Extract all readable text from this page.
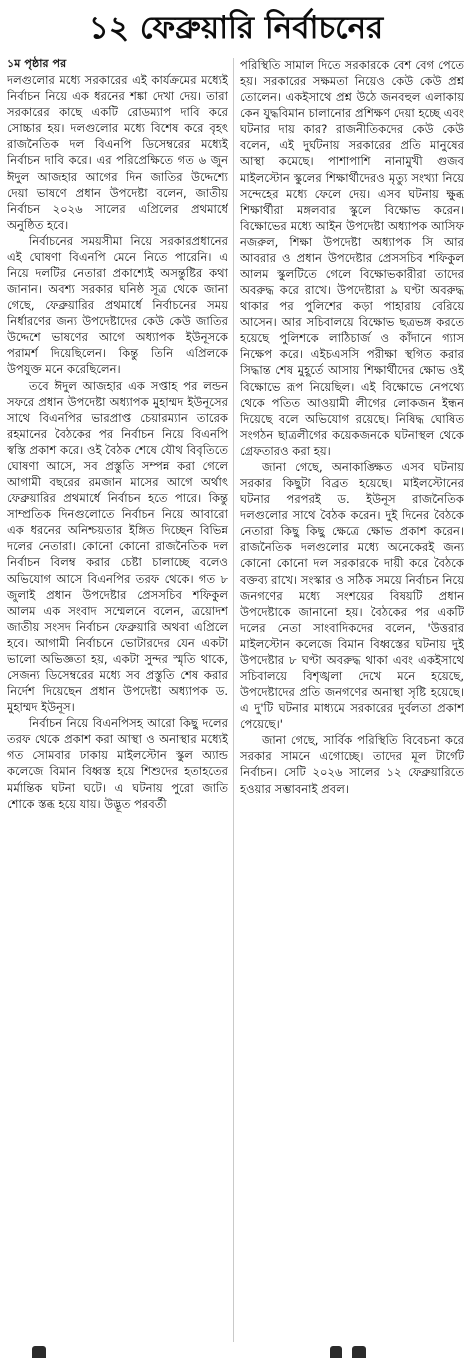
১২ ফেব্রুয়ারি নির্বাচনের

১ম পৃষ্ঠার পর

দলগুলোর মধ্যে সরকারের এই কার্যক্রমের মধ্যেই নির্বাচন নিয়ে এক ধরনের শঙ্কা দেখা দেয়। তারা সরকারের কাছে একটি রোডম্যাপ দাবি করে সোচ্চার হয়। দলগুলোর মধ্যে বিশেষ করে বৃহৎ রাজনৈতিক দল বিএনপি ডিসেম্বরের মধ্যেই নির্বাচন দাবি করে। এর পরিপ্রেক্ষিতে গত ৬ জুন ঈদুল আজহার আগের দিন জাতির উদ্দেশ্যে দেয়া ভাষণে প্রধান উপদেষ্টা বলেন, জাতীয় নির্বাচন ২০২৬ সালের এপ্রিলের প্রথমার্ধে অনুষ্ঠিত হবে।

নির্বাচনের সময়সীমা নিয়ে সরকারপ্রধানের এই ঘোষণা বিএনপি মেনে নিতে পারেনি। এ নিয়ে দলটির নেতারা প্রকাশ্যেই অসন্তুষ্টির কথা জানান। অবশ্য সরকার ঘনিষ্ঠ সূত্র থেকে জানা গেছে, ফেব্রুয়ারির প্রথমার্ধে নির্বাচনের সময় নির্ধারণের জন্য উপদেষ্টাদের কেউ কেউ জাতির উদ্দেশে ভাষণের আগে অধ্যাপক ইউনূসকে পরামর্শ দিয়েছিলেন। কিন্তু তিনি এপ্রিলকে উপযুক্ত মনে করেছিলেন।

তবে ঈদুল আজহার এক সপ্তাহ পর লন্ডন সফরে প্রধান উপদেষ্টা অধ্যাপক মুহাম্মদ ইউনূসের সাথে বিএনপির ভারপ্রাপ্ত চেয়ারম্যান তারেক রহমানের বৈঠকের পর নির্বাচন নিয়ে বিএনপি স্বস্তি প্রকাশ করে। ওই বৈঠক শেষে যৌথ বিবৃতিতে ঘোষণা আসে, সব প্রস্তুতি সম্পন্ন করা গেলে আগামী বছরের রমজান মাসের আগে অর্থাৎ ফেব্রুয়ারির প্রথমার্ধে নির্বাচন হতে পারে। কিন্তু সাম্প্রতিক দিনগুলোতে নির্বাচন নিয়ে আবারো এক ধরনের অনিশ্চয়তার ইঙ্গিত দিচ্ছেন বিভিন্ন দলের নেতারা। কোনো কোনো রাজনৈতিক দল নির্বাচন বিলম্ব করার চেষ্টা চালাচ্ছে বলেও অভিযোগ আসে বিএনপির তরফ থেকে। গত ৮ জুলাই প্রধান উপদেষ্টার প্রেসসচিব শফিকুল আলম এক সংবাদ সম্মেলনে বলেন, ত্রয়োদশ জাতীয় সংসদ নির্বাচন ফেব্রুয়ারি অথবা এপ্রিলে হবে। আগামী নির্বাচনে ভোটারদের যেন একটা ভালো অভিজ্ঞতা হয়, একটা সুন্দর স্মৃতি থাকে, সেজন্য ডিসেম্বরের মধ্যে সব প্রস্তুতি শেষ করার নির্দেশ দিয়েছেন প্রধান উপদেষ্টা অধ্যাপক ড. মুহাম্মদ ইউনূস।

নির্বাচন নিয়ে বিএনপিসহ আরো কিছু দলের তরফ থেকে প্রকাশ করা আস্থা ও অনাস্থার মধ্যেই গত সোমবার ঢাকায় মাইলস্টোন স্কুল অ্যান্ড কলেজে বিমান বিধ্বস্ত হয়ে শিশুদের হতাহতের মর্মান্তিক ঘটনা ঘটে। এ ঘটনায় পুরো জাতি শোকে স্তব্ধ হয়ে যায়। উদ্ভূত পরবর্তী

পরিস্থিতি সামাল দিতে সরকারকে বেশ বেগ পেতে হয়। সরকারের সক্ষমতা নিয়েও কেউ কেউ প্রশ্ন তোলেন। একইসাথে প্রশ্ন উঠে জনবহুল এলাকায় কেন যুদ্ধবিমান চালানোর প্রশিক্ষণ দেয়া হচ্ছে এবং ঘটনার দায় কার? রাজনীতিকদের কেউ কেউ বলেন, এই দুর্ঘটনায় সরকারের প্রতি মানুষের আস্থা কমেছে। পাশাপাশি নানামুখী গুজব মাইলস্টোন স্কুলের শিক্ষার্থীদেরও মৃত্যু সংখ্যা নিয়ে সন্দেহের মধ্যে ফেলে দেয়। এসব ঘটনায় ক্ষুব্ধ শিক্ষার্থীরা মঙ্গলবার স্কুলে বিক্ষোভ করেন। বিক্ষোভের মধ্যে আইন উপদেষ্টা অধ্যাপক আসিফ নজরুল, শিক্ষা উপদেষ্টা অধ্যাপক সি আর আবরার ও প্রধান উপদেষ্টার প্রেসসচিব শফিকুল আলম স্কুলটিতে গেলে বিক্ষোভকারীরা তাদের অবরুদ্ধ করে রাখে। উপদেষ্টারা ৯ ঘণ্টা অবরুদ্ধ থাকার পর পুলিশের কড়া পাহারায় বেরিয়ে আসেন। আর সচিবালয়ে বিক্ষোভ ছত্রভঙ্গ করতে হয়েছে পুলিশকে লাঠিচার্জ ও কাঁদানে গ্যাস নিক্ষেপ করে। এইচএসসি পরীক্ষা স্থগিত করার সিদ্ধান্ত শেষ মুহূর্তে আসায় শিক্ষার্থীদের ক্ষোভ ওই বিক্ষোভে রূপ নিয়েছিল। এই বিক্ষোভে নেপথ্যে থেকে পতিত আওয়ামী লীগের লোকজন ইন্ধন দিয়েছে বলে অভিযোগ রয়েছে। নিষিদ্ধ ঘোষিত সংগঠন ছাত্রলীগের কয়েকজনকে ঘটনাস্থল থেকে গ্রেফতারও করা হয়।

জানা গেছে, অনাকাঙ্ক্ষিত এসব ঘটনায় সরকার কিছুটা বিব্রত হয়েছে। মাইলস্টোনের ঘটনার পরপরই ড. ইউনূস রাজনৈতিক দলগুলোর সাথে বৈঠক করেন। দুই দিনের বৈঠকে নেতারা কিছু কিছু ক্ষেত্রে ক্ষোভ প্রকাশ করেন। রাজনৈতিক দলগুলোর মধ্যে অনেকেরই জন্য কোনো কোনো দল সরকারকে দায়ী করে বৈঠকে বক্তব্য রাখে। সংস্কার ও সঠিক সময়ে নির্বাচন নিয়ে জনগণের মধ্যে সংশয়ের বিষয়টি প্রধান উপদেষ্টাকে জানানো হয়। বৈঠকের পর একটি দলের নেতা সাংবাদিকদের বলেন, 'উত্তরার মাইলস্টোন কলেজে বিমান বিধ্বস্তের ঘটনায় দুই উপদেষ্টার ৮ ঘণ্টা অবরুদ্ধ থাকা এবং একইসাথে সচিবালয়ে বিশৃঙ্খলা দেখে মনে হয়েছে, উপদেষ্টাদের প্রতি জনগণের অনাস্থা সৃষ্টি হয়েছে। এ দু'টি ঘটনার মাধ্যমে সরকারের দুর্বলতা প্রকাশ পেয়েছে।'

জানা গেছে, সার্বিক পরিস্থিতি বিবেচনা করে সরকার সামনে এগোচ্ছে। তাদের মূল টার্গেট নির্বাচন। সেটি ২০২৬ সালের ১২ ফেব্রুয়ারিতে হওয়ার সম্ভাবনাই প্রবল।
